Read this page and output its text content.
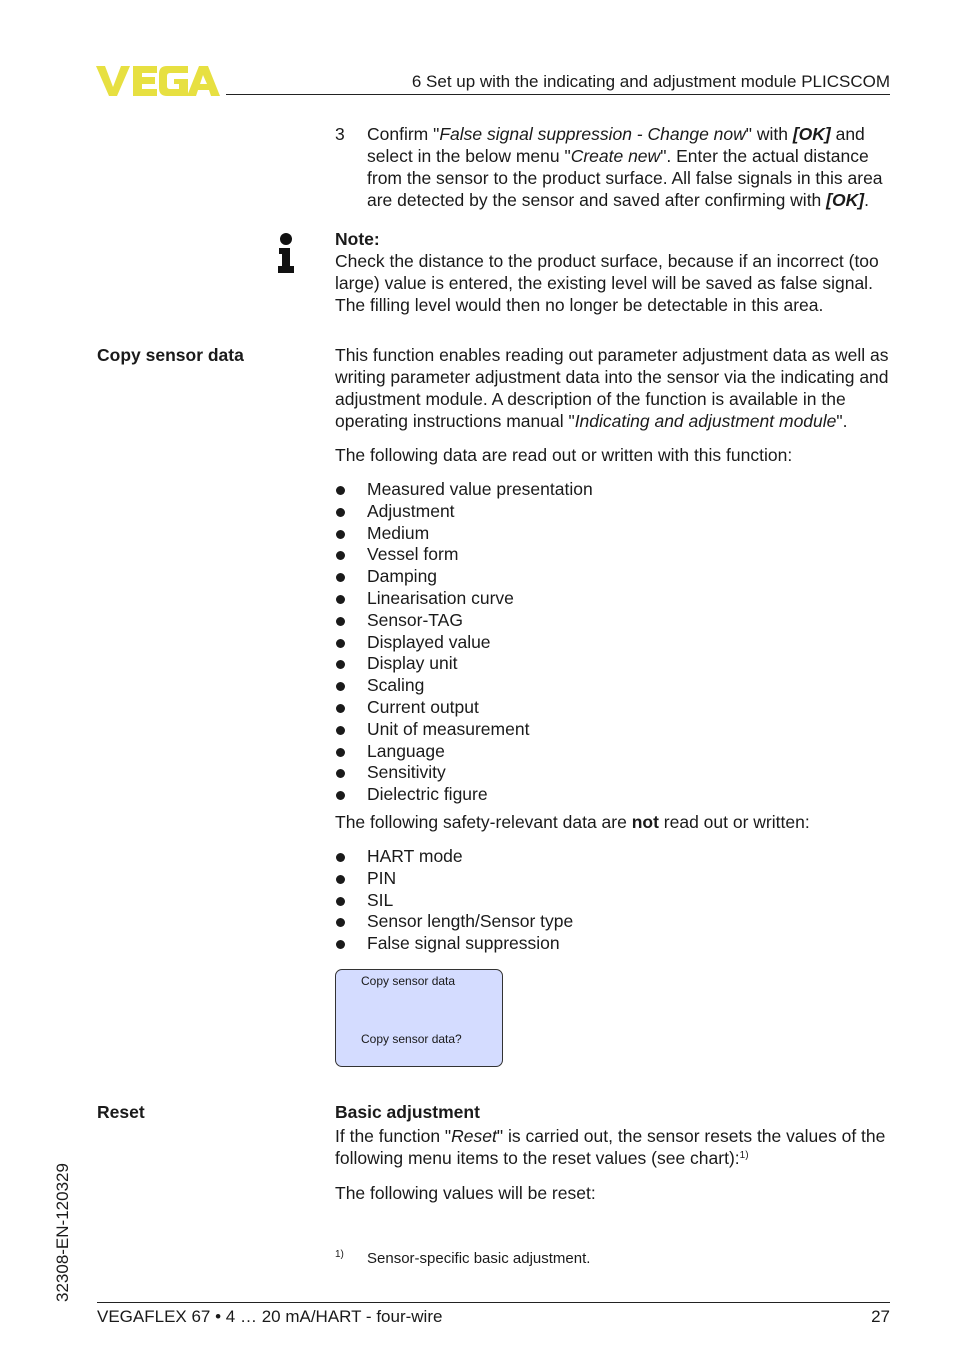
6 Set up with the indicating and adjustment module PLICSCOM
3	Confirm "False signal suppression - Change now" with [OK] and select in the below menu "Create new". Enter the actual distance from the sensor to the product surface. All false signals in this area are detected by the sensor and saved after confirming with [OK].

Note:

Check the distance to the product surface, because if an incorrect (too large) value is entered, the existing level will be saved as false signal. The filling level would then no longer be detectable in this area.

Copy sensor data	This function enables reading out parameter adjustment data as well as writing parameter adjustment data into the sensor via the indicating and adjustment module. A description of the function is available in the operating instructions manual "Indicating and adjustment module".
The following data are read out or written with this function:
Measured value presentation
Adjustment
Medium
Vessel form
Damping
Linearisation curve
Sensor-TAG
Displayed value
Display unit
Scaling
Current output
Unit of measurement
Language
Sensitivity
Dielectric figure
The following safety-relevant data are not read out or written:
HART mode
PIN
SIL
Sensor length/Sensor type
False signal suppression
Copy sensor data
Copy sensor data?
Reset	Basic adjustment
If the function "Reset" is carried out, the sensor resets the values of the following menu items to the reset values (see chart):$^{1)}$
The following values will be reset:
1) Sensor-specific basic adjustment.
32308-EN-120329
VEGAFLEX 67 • 4 … 20 mA/HART - four-wire	27
